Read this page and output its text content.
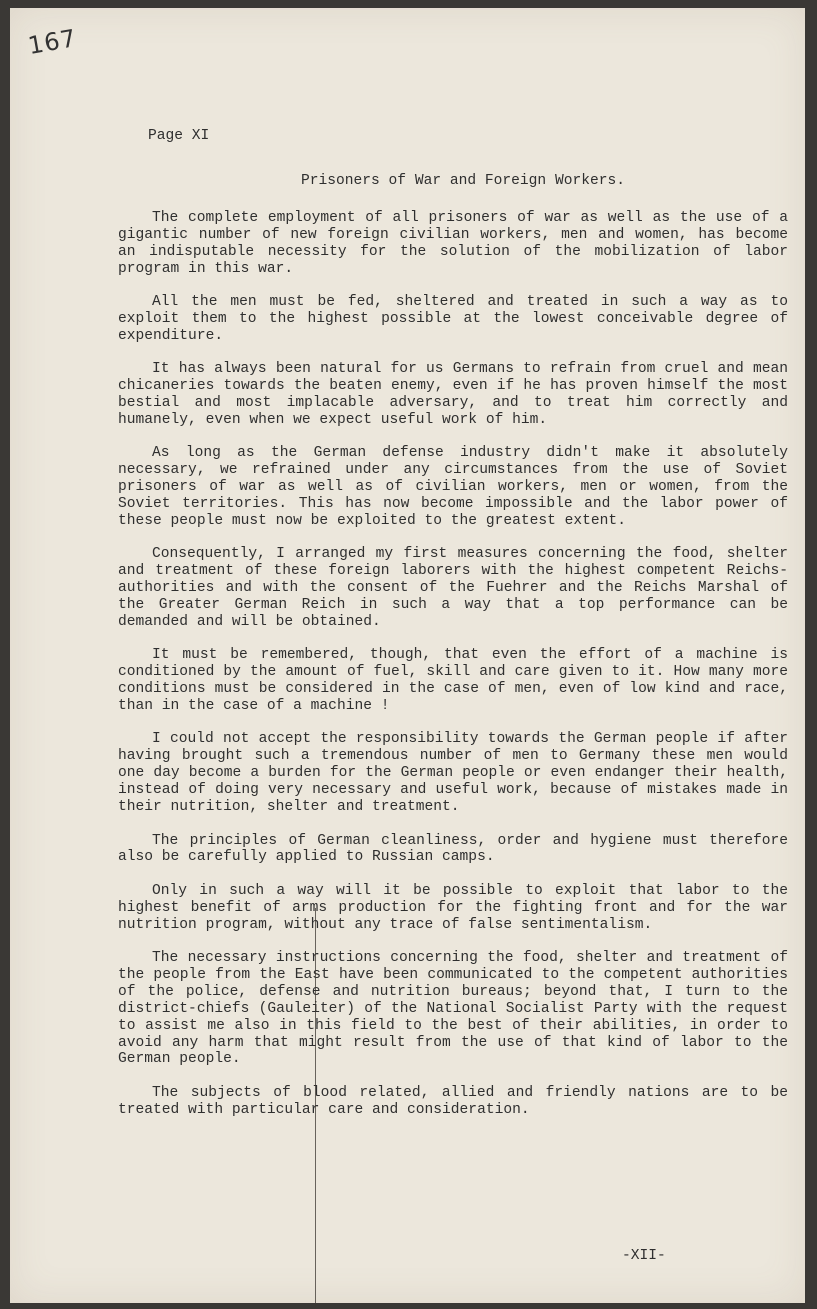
167
Page XI
Prisoners of War and Foreign Workers.

The complete employment of all prisoners of war as well as the use of a gigantic number of new foreign civilian workers, men and women, has become an indisputable necessity for the solution of the mobilization of labor program in this war.

All the men must be fed, sheltered and treated in such a way as to exploit them to the highest possible at the lowest conceivable degree of expenditure.

It has always been natural for us Germans to refrain from cruel and mean chicaneries towards the beaten enemy, even if he has proven himself the most bestial and most implacable adversary, and to treat him correctly and humanely, even when we expect useful work of him.

As long as the German defense industry didn't make it absolutely necessary, we refrained under any circumstances from the use of Soviet prisoners of war as well as of civilian workers, men or women, from the Soviet territories. This has now become impossible and the labor power of these people must now be exploited to the greatest extent.

Consequently, I arranged my first measures concerning the food, shelter and treatment of these foreign laborers with the highest competent Reichs-authorities and with the consent of the Fuehrer and the Reichs Marshal of the Greater German Reich in such a way that a top performance can be demanded and will be obtained.

It must be remembered, though, that even the effort of a machine is conditioned by the amount of fuel, skill and care given to it. How many more conditions must be considered in the case of men, even of low kind and race, than in the case of a machine !

I could not accept the responsibility towards the German people if after having brought such a tremendous number of men to Germany these men would one day become a burden for the German people or even endanger their health, instead of doing very necessary and useful work, because of mistakes made in their nutrition, shelter and treatment.

The principles of German cleanliness, order and hygiene must therefore also be carefully applied to Russian camps.

Only in such a way will it be possible to exploit that labor to the highest benefit of arms production for the fighting front and for the war nutrition program, without any trace of false sentimentalism.

The necessary instructions concerning the food, shelter and treatment of the people from the East have been communicated to the competent authorities of the police, defense and nutrition bureaus; beyond that, I turn to the district-chiefs (Gauleiter) of the National Socialist Party with the request to assist me also in this field to the best of their abilities, in order to avoid any harm that might result from the use of that kind of labor to the German people.

The subjects of blood related, allied and friendly nations are to be treated with particular care and consideration.

-XII-
